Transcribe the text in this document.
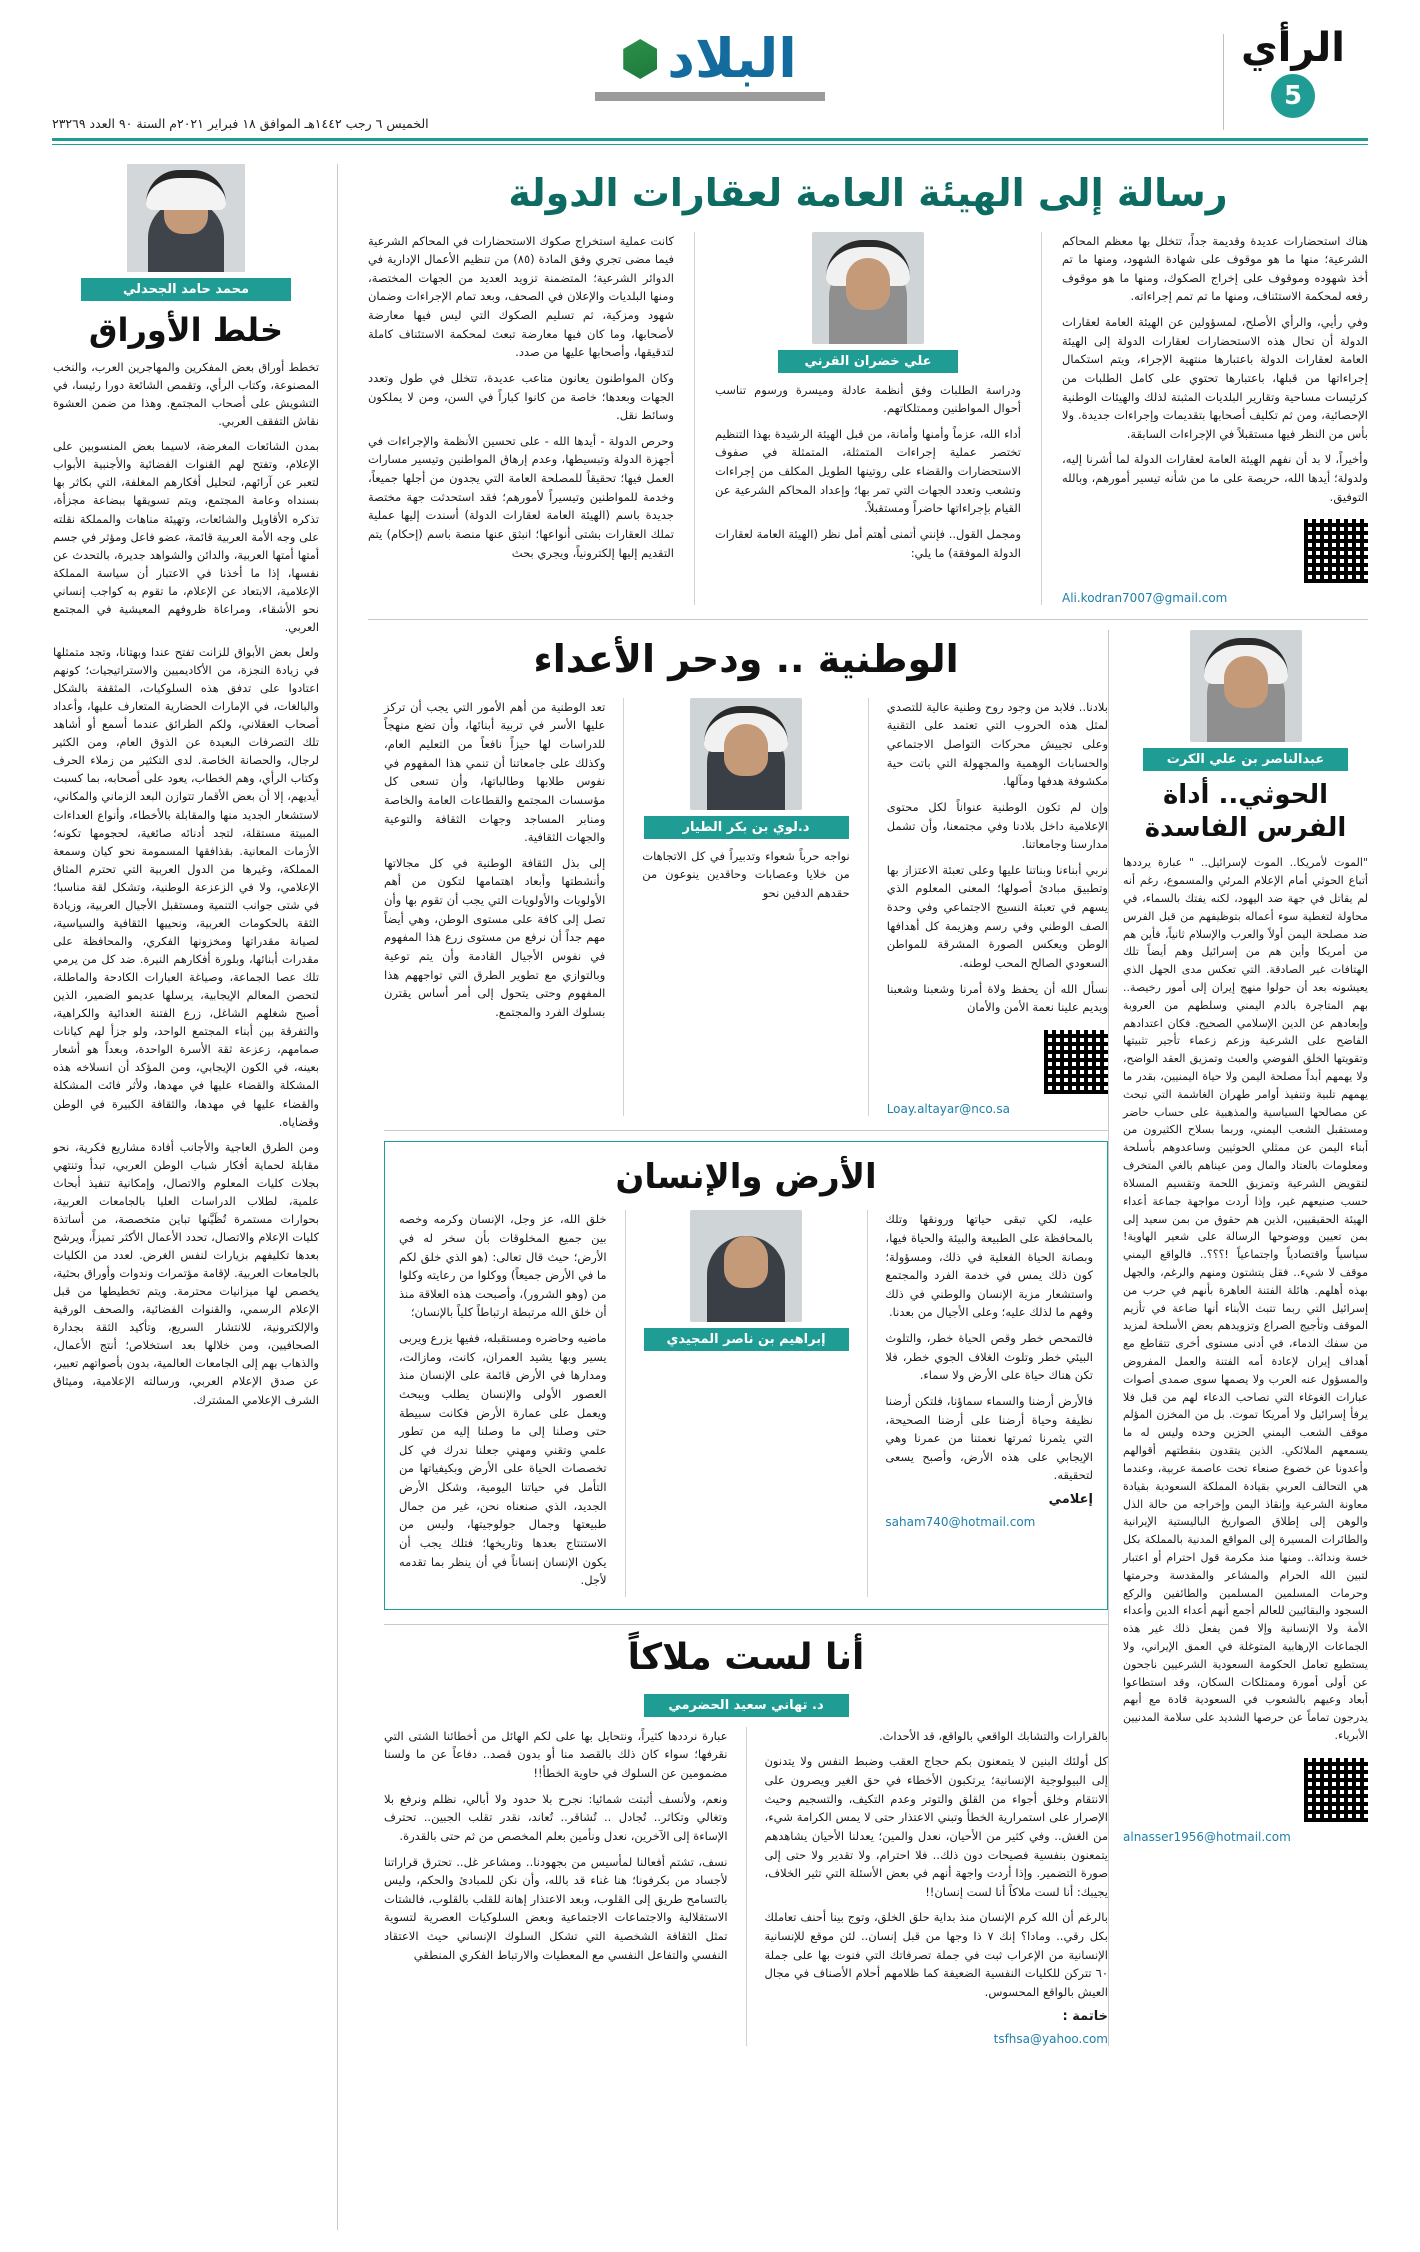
الرأي
5
البلاد
الخميس ٦ رجب ١٤٤٢هـ الموافق ١٨ فبراير ٢٠٢١م السنة ٩٠ العدد ٢٣٢٦٩
رسالة إلى الهيئة العامة لعقارات الدولة

هناك استحضارات عديدة وقديمة جداً، تتخلل بها معظم المحاكم الشرعية؛ منها ما هو موقوف على شهادة الشهود، ومنها ما تم أخذ شهوده وموقوف على إخراج الصكوك، ومنها ما هو موقوف رفعه لمحكمة الاستئناف، ومنها ما تم تمم إجراءاته.

وفي رأيي، والرأي الأصلح، لمسؤولين عن الهيئة العامة لعقارات الدولة أن تحال هذه الاستحضارات لعقارات الدولة إلى الهيئة العامة لعقارات الدولة باعتبارها منتهية الإجراء، ويتم استكمال إجراءاتها من قبلها، باعتبارها تحتوي على كامل الطلبات من كرئيسات مساحية وتقارير البلديات المثبتة لذلك والهيئات الوطنية الإحصائية، ومن ثم تكليف أصحابها بتقديمات وإجراءات جديدة. ولا بأس من النظر فيها مستقبلاً في الإجراءات السابقة.

وأخيراً، لا بد أن نفهم الهيئة العامة لعقارات الدولة لما أشرنا إليه، ولدولة؛ أيدها الله، حريصة على ما من شأنه تيسير أمورهم، وبالله التوفيق.

Ali.kodran7007@gmail.com
علي خضران القرني

ودراسة الطلبات وفق أنظمة عادلة وميسرة ورسوم تناسب أحوال المواطنين وممتلكاتهم.

أداء الله، عزماً وأمنها وأمانة، من قبل الهيئة الرشيدة بهذا التنظيم تختصر عملية إجراءات المتمثلة، المتمثلة في صفوف الاستحضارات والقضاء على روتينها الطويل المكلف من إجراءات وتشعب وتعدد الجهات التي تمر بها؛ وإعداد المحاكم الشرعية عن القيام بإجراءاتها حاضراً ومستقبلاً.

ومجمل القول.. فإنني أتمنى أهتم أمل نظر (الهيئة العامة لعقارات الدولة الموفقة) ما يلي:

كانت عملية استخراج صكوك الاستحضارات في المحاكم الشرعية فيما مضى تجري وفق المادة (٨٥) من تنظيم الأعمال الإدارية في الدوائر الشرعية؛ المتضمنة تزويد العديد من الجهات المختصة، ومنها البلديات والإعلان في الصحف، وبعد تمام الإجراءات وضمان شهود ومزكية، ثم تسليم الصكوك التي ليس فيها معارضة لأصحابها، وما كان فيها معارضة تبعث لمحكمة الاستئناف كاملة لتدقيقها، وأصحابها عليها من صدد.

وكان المواطنون يعانون متاعب عديدة، تتخلل في طول وتعدد الجهات وبعدها؛ خاصة من كانوا كباراً في السن، ومن لا يملكون وسائط نقل.

وحرص الدولة - أيدها الله - على تحسين الأنظمة والإجراءات في أجهزة الدولة وتبسيطها، وعدم إرهاق المواطنين وتيسير مسارات العمل فيها؛ تحقيقاً للمصلحة العامة التي يجدون من أجلها جميعاً، وخدمة للمواطنين وتيسيراً لأمورهم؛ فقد استحدثت جهة مختصة جديدة باسم (الهيئة العامة لعقارات الدولة) أسندت إليها عملية تملك العقارات بشتى أنواعها؛ انبثق عنها منصة باسم (إحكام) يتم التقديم إليها إلكترونياً، ويجري بحث

عبدالناصر بن علي الكرت
الحوثي.. أداة الفرس الفاسدة

"الموت لأمريكا.. الموت لإسرائيل.. " عبارة يرددها أتباع الحوثي أمام الإعلام المرئي والمسموع، رغم أنه لم يقاتل في جهة ضد اليهود، لكنه يفتك بالسماء، في محاولة لتغطية سوء أعماله بتوظيفهم من قبل الفرس ضد مصلحة اليمن أولاً والعرب والإسلام ثانياً، فأين هم من أمريكا وأين هم من إسرائيل وهم أيضاً تلك الهتافات غير الصادقة. التي تعكس مدى الجهل الذي يعيشونه بعد أن حولوا منهج إيران إلى أمور رخيصة.. بهم المتاجرة بالدم اليمني وسلطهم من العروبة وإبعادهم عن الدين الإسلامي الصحيح. فكان اعتدادهم الفاضح على الشرعية وزعم زعماء تأجير تثبيتها وتقويتها الخلق الفوضي والعبث وتمزيق العقد الواضح، ولا يهمهم أبداً مصلحة اليمن ولا حياة اليمنيين، بقدر ما يهمهم تلبية وتنفيذ أوامر طهران الغاشمة التي تبحث عن مصالحها السياسية والمذهبية على حساب حاضر ومستقبل الشعب اليمني، وربما بسلاح الكثيرون من أبناء اليمن عن ممثلي الحوثيين وساعدوهم بأسلحة ومعلومات بالعتاد والمال ومن عيناهم بالغي المتخرف لتقويض الشرعية وتمزيق اللحمة وتقسيم المسلاة حسب صنيعهم غير، وإذا أردت مواجهة جماعة أعداء الهيئة الحقيقيين، الذين هم حقوق من بمن سعيد إلى بمن تعيين ووضوحها الرسالة على شعير الهاوية! سياسياً واقتصادياً واجتماعياً !؟؟؟.. فالواقع اليمني موقف لا شيء.. فقل يتشتون ومنهم والرغم، والجهل بهذه أهلهم. هائلة الفتنة العاهرة بأنهم في حرب من إسرائيل التي ربما تتبث الأبناء أنها ضاعة في تأزيم الموقف وتأجيج الصراع وتزويدهم بعض الأسلحة لمزيد من سفك الدماء، في أدنى مستوى أخرى تتقاطع مع أهداف إيران لإعادة أمه الفتنة والعمل المفروض والمسؤول عنه العرب ولا يصمها سوى صمدى أصوات عبارات الغوغاء التي تصاحب الدعاء لهم من قبل فلا يرفأ إسرائيل ولا أمريكا تموت. بل من المخزن المؤلم موقف الشعب اليمني الحزين وحده وليس له ما يسمعهم الملائكي. الذين يتقدون بنقطتهم أقوالهم وأعدونا عن خضوع صنعاء تحت عاصمة عربية، وعندما هي التحالف العربي بقيادة المملكة السعودية بقيادة معاونة الشرعية وإنقاذ اليمن وإخراجه من حالة الذل والوهن إلى إطلاق الصواريخ الباليستية الإيرانية والطائرات المسيرة إلى المواقع المدنية بالمملكة بكل خسة وندائة.. ومنها منذ مكرمة قول احترام أو اعتبار لتبين الله الحرام والمشاعر والمقدسة وحرمتها وحرمات المسلمين المسلمين والطائفين والركع السجود والبقائيين للعالم أجمع أنهم أعداء الدين وأعداء الأمة ولا الإنسانية وإلا فمن يفعل ذلك غير هذه الجماعات الإرهابية المتوغلة في العمق الإيراني، ولا يستطيع تعامل الحكومة السعودية الشرعيين ناجحون عن أولى أمورة وممتلكات السكان، وقد استطاعوا أبعاد وعيهم بالشعوب في السعودية قادة مع أبهم يدرجون تماماً عن حرصها الشديد على سلامة المدنيين الأبرياء.

alnasser1956@hotmail.com
الوطنية .. ودحر الأعداء

بلادنا.. فلابد من وجود روح وطنية عالية للتصدي لمثل هذه الحروب التي تعتمد على التقنية وعلى تجييش محركات التواصل الاجتماعي والحسابات الوهمية والمجهولة التي باتت حية مكشوفة هدفها ومآلها.

وإن لم تكون الوطنية عنواناً لكل محتوى الإعلامية داخل بلادنا وفي مجتمعنا، وأن تشمل مدارسنا وجامعاتنا.

نربي أبناءنا وبناتنا عليها وعلى تعبئة الاعتزاز بها وتطبيق مبادئ أصولها؛ المعنى المعلوم الذي يسهم في تعبئة النسيج الاجتماعي وفي وحدة الصف الوطني وفي رسم وهزيمة كل أهدافها الوطن ويعكس الصورة المشرقة للمواطن السعودي الصالح المحب لوطنه.

نسأل الله أن يحفظ ولاة أمرنا وشعبنا وشعبنا ويديم علينا نعمة الأمن والأمان

Loay.altayar@nco.sa
د.لوي بن بكر الطيار

نواجه حرباً شعواء وتدبيراً في كل الاتجاهات من خلايا وعصابات وحاقدين ينوعون من حقدهم الدفين نحو

تعد الوطنية من أهم الأمور التي يجب أن تركز عليها الأسر في تربية أبنائها، وأن تضع منهجاً للدراسات لها حيزاً نافعاً من التعليم العام، وكذلك على جامعاتنا أن تنمي هذا المفهوم في نفوس طلابها وطالباتها، وأن تسعى كل مؤسسات المجتمع والقطاعات العامة والخاصة ومنابر المساجد وجهات الثقافة والتوعية والجهات الثقافية.

إلى بذل الثقافة الوطنية في كل مجالاتها وأنشطتها وأبعاد اهتمامها لتكون من أهم الأولويات والأولويات التي يجب أن تقوم بها وأن تصل إلى كافة على مستوى الوطن، وهي أيضاً مهم جداً أن نرفع من مستوى زرع هذا المفهوم في نفوس الأجيال القادمة وأن يتم توعية وبالتوازي مع تطوير الطرق التي تواجههم هذا المفهوم وحتى يتحول إلى أمر أساس يقترن بسلوك الفرد والمجتمع.

الأرض والإنسان

عليه، لكي تبقى حياتها ورونقها وتلك بالمحافظة على الطبيعة والبيئة والحياة فيها، وبصانة الحياة الفعلية في ذلك، ومسؤولة؛ كون ذلك يمس في خدمة الفرد والمجتمع واستشعار مزية الإنسان والوطني في ذلك وفهم ما لذلك عليه؛ وعلى الأجيال من بعدنا.

فالتمحص خطر وقص الحياة خطر، والتلوث البيئي خطر وتلوث الغلاف الجوي خطر، فلا تكن هناك حياة على الأرض ولا سماء.

فالأرض أرضنا والسماء سماؤنا، فلتكن أرضنا نظيفة وحياة أرضنا على أرضنا الصحيحة، التي يثمرنا ثمرتها نعمتنا من عمرنا وهي الإيجابي على هذه الأرض، وأصبح يسعى لتحقيقه.

إعلامي
saham740@hotmail.com
إبراهيم بن ناصر المجيدي

خلق الله، عز وجل، الإنسان وكرمه وخصه بين جميع المخلوقات بأن سخر له في الأرض؛ حيث قال تعالى: (هو الذي خلق لكم ما في الأرض جميعاً) ووكلوا من رعايته وكلوا من (وهو الشرور)، وأصبحت هذه العلاقة منذ أن خلق الله مرتبطة ارتباطاً كلياً بالإنسان؛

ماضيه وحاضره ومستقبله، ففيها يزرع ويربى يسير وبها يشيد العمران، كانت، ومازالت، ومدارها في الأرض قائمة على الإنسان منذ العصور الأولى والإنسان يطلب ويبحث ويعمل على عمارة الأرض فكانت سبيطة حتى وصلنا إلى ما وصلنا إليه من تطور علمي وتقني ومهني جعلنا ندرك في كل تخصصات الحياة على الأرض وبكيفياتها من التأمل في حياتنا اليومية، وشكل الأرض الجديد، الذي صنعناه نحن، غير من جمال طبيعتها وجمال جولوجيتها، وليس من الاستنتاج بعدها وتاريخها؛ فتلك يجب أن يكون الإنسان إنساناً في أن ينظر بما تقدمه لأجل.

أنا لست ملاكاً
د. تهاني سعيد الحضرمي

بالقرارات والتشابك الواقعي بالواقع، قد الأحداث.

كل أولئك البنين لا يتمعنون بكم حجاج العقب وضبط النفس ولا يتدنون إلى البيولوجية الإنسانية؛ يرتكبون الأخطاء في حق الغير ويصرون على الانتقام وخلق أجواء من القلق والتوتر وعدم التكيف، والتسجيم وحيث الإصرار على استمرارية الخطأ وتبني الاعتذار حتى لا يمس الكرامة شيء، من الغش.. وفي كثير من الأحيان، نعدل والمين؛ يعدلنا الأحيان يشاهدهم يتمعنون بنفسية فصيحات دون ذلك.. فلا احترام، ولا تقدير ولا حتى إلى صورة التضمير. وإذا أردت واجهة أنهم في بعض الأسئلة التي تثير الخلاف، يجيبك: أنا لست ملاكاً أنا لست إنسان!!

بالرغم أن الله كرم الإنسان منذ بداية حلق الخلق، وتوج بينا أحنف تعاملك بكل رقي.. ومادا؟ إنك ٧ ذا وجها من قبل إنسان.. لئن موقع للإنسانية الإنسانية من الإعراب ثبت في جملة تصرفاتك التي فنوت بها على جملة ٦٠ تتركن للكليات النفسية الضعيفة كما ظلامهم أحلام الأصناف في مجال العيش بالواقع المحسوس.

خاتمة :
tsfhsa@yahoo.com

عبارة نرددها كثيراً، ونتحايل بها على لكم الهائل من أخطائنا الشتى التي نقرفها؛ سواء كان ذلك بالقصد منا أو بدون قصد.. دفاعاً عن ما ولسنا مضمومين عن السلوك في حاوية الخطأ!!

ونعم، ولأنسف أثبتت شمائيا: نجرح بلا حدود ولا أبالي، نظلم ونرفع بلا وتغالي وتكاثر.. تُجادل .. تُشاقر.. تُعاند، نقدر تقلب الجبين.. تحترف الإساءة إلى الآخرين، نعدل ونأمين بعلم المخصص من ثم حتى بالقدرة.

نسف، تشتم أفعالنا لمأسيس من بجهودنا.. ومشاعر غل.. تحترق قراراتنا لأجساد من بكرفونا؛ هنا غناء قد بالله، وأن نكن للمبادئ والحكم، وليس بالتسامح طريق إلى القلوب، وبعد الاعتذار إهانة للقلب بالقلوب، فالشتات الاستقلالية والاجتماعات الاجتماعية وبعض السلوكيات العصرية لتسوية تمثل الثقافة الشخصية التي تشكل السلوك الإنساني حيث الاعتقاد النفسي والتفاعل النفسي مع المعطيات والارتباط الفكري المنطقي

محمد حامد الجحدلي
خلط الأوراق

تخطط أوراق بعض المفكرين والمهاجرين العرب، والنخب المصنوعة، وكتاب الرأي، وتقمص الشائعة دورا رئيسا، في التشويش على أصحاب المجتمع. وهذا من ضمن العشوة نقاش التفقف العربي.

بمدن الشائعات المغرضة، لاسيما بعض المنسوبين على الإعلام، وتفتح لهم القنوات الفضائية والأجنبية الأبواب لتعبر عن آرائهم، لتحليل أفكارهم المغلفة، التي بكاثر بها بسنداه وعامة المجتمع، ويتم تسويقها ببضاعة مجزأة، تذكره الأقاويل والشائعات، وتهيئة مناهات والمملكة نقلته على وجه الأمة العربية قائمة، عضو فاعل ومؤثر في جسم أمتها أمتها العربية، والدائن والشواهد جديرة، بالتحدث عن نفسها، إذا ما أخذنا في الاعتبار أن سياسة المملكة الإعلامية، الابتعاد عن الإعلام، ما تقوم به كواجب إنساني نحو الأشقاء، ومراعاة ظروفهم المعيشية في المجتمع العربي.

ولعل بعض الأبواق للزانت تفتح عندا وبهتانا، وتجد متمثلها في زيادة النجزة، من الأكاديميين والاستراتيجيات؛ كونهم اعتادوا على تدفق هذه السلوكيات، المثقفة بالشكل والبالغات، في الإمارات الحضارية المتعارف عليها، وأعداد أصحاب العقلاني، ولكم الطرائق عندما أسمع أو أشاهد تلك التصرفات البعيدة عن الذوق العام، ومن الكثير لرجال، والحصانة الخاصة. لدى التكثير من زملاء الحرف وكتاب الرأي، وهم الخطاب، يعود على أصحابه، بما كسبت أيديهم، إلا أن بعض الأقمار تتوازن البعد الزماني والمكاني، لاستشعار الجديد منها والمقابلة بالأخطاء، وأنواع العداءات المبيتة مستقلة، لتجد أدنائه صائغية، لحجومها تكونه؛ الأزمات المعانية. بقذافقها المسمومة نحو كيان وسمعة المملكة، وغيرها من الدول العربية التي تحترم المثاق الإعلامي، ولا في الزعزعة الوطنية، وتشكل لقة مناسبا؛ في شتى جوانب التنمية ومستقبل الأجيال العربية، وزيادة الثقة بالحكومات العربية، ونحييها الثقافية والسياسية، لصيانة مقدراتها ومخزونها الفكري، والمحافظة على مقدرات أبنائها، وبلورة أفكارهم النيرة. ضد كل من يرمي تلك عصا الجماعة، وصياغة العبارات الكادحة والماطلة، لتحصن المعالم الإيجابية، يرسلها عديمو الضمير، الذين أصبح شغلهم الشاغل، زرع الفتنة العدائية والكراهية، والتفرقة بين أبناء المجتمع الواحد، ولو جزأ لهم كيانات صمامهم، زعزعة ثقة الأسرة الواحدة، وبعداً هو أشعار بعينه، في الكون الإيجابي، ومن المؤكد أن انسلاخه هذه المشكلة والقضاء عليها في مهدها، ولأثر فائت المشكلة والقضاء عليها في مهدها، والثقافة الكبيرة في الوطن وقضاياه.

ومن الطرق العاجية والأجانب أفادة مشاريع فكرية، نحو مقابلة لحماية أفكار شباب الوطن العربي، تبدأ وتنتهي بجلات كليات المعلوم والاتصال، وإمكانية تنفيذ أبحاث علمية، لطلاب الدراسات العليا بالجامعات العربية، بحوارات مستمرة تُظَيَّنها تباين متخصصة، من أساتذة كليات الإعلام والاتصال، تحدد الأعمال الأكثر تميزاً، ويرشح بعدها تكليفهم بزيارات لنفس الغرض. لعدد من الكليات بالجامعات العربية. لإقامة مؤتمرات وندوات وأوراق بحثية، يخصص لها ميزانيات محترمة. ويتم تخطيطها من قبل الإعلام الرسمي، والقنوات الفضائية، والصحف الورقية والإلكترونية، للانتشار السريع، وتأكيد الثقة بجدارة الصحافيين، ومن خلالها بعد استخلاص؛ أنتج الأعمال، والذهاب بهم إلى الجامعات العالمية، بدون بأصواتهم تعبير، عن صدق الإعلام العربي، ورسالته الإعلامية، وميثاق الشرف الإعلامي المشترك.
